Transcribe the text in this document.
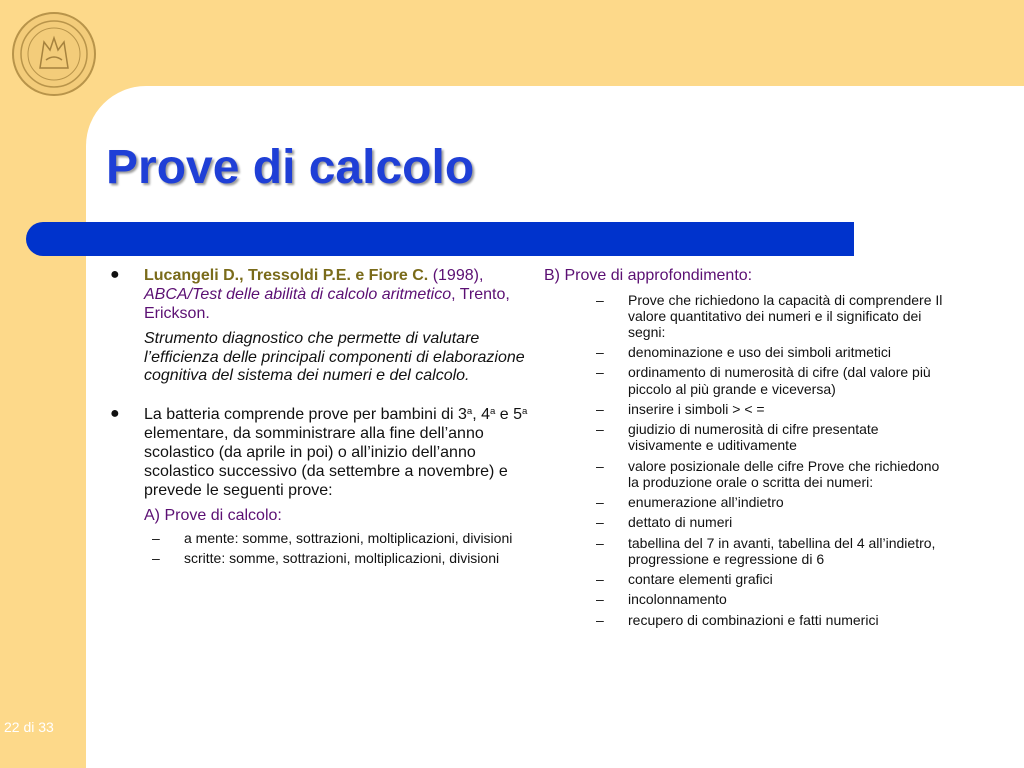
Prove di calcolo
● Lucangeli D., Tressoldi P.E. e Fiore C. (1998), ABCA/Test delle abilità di calcolo aritmetico, Trento, Erickson.
Strumento diagnostico che permette di valutare l’efficienza delle principali componenti di elaborazione cognitiva del sistema dei numeri e del calcolo.
● La batteria comprende prove per bambini di 3$^a$, 4$^a$ e 5$^a$ elementare, da somministrare alla fine dell’anno scolastico (da aprile in poi) o all’inizio dell’anno scolastico successivo (da settembre a novembre) e prevede le seguenti prove:
A) Prove di calcolo:
– a mente: somme, sottrazioni, moltiplicazioni, divisioni
– scritte: somme, sottrazioni, moltiplicazioni, divisioni
B) Prove di approfondimento:
– Prove che richiedono la capacità di comprendere Il valore quantitativo dei numeri e il significato dei segni:
– denominazione e uso dei simboli aritmetici
– ordinamento di numerosità di cifre (dal valore più piccolo al più grande e viceversa)
– inserire i simboli > < =
– giudizio di numerosità di cifre presentate visivamente e uditivamente
– valore posizionale delle cifre Prove che richiedono la produzione orale o scritta dei numeri:
– enumerazione all’indietro
– dettato di numeri
– tabellina del 7 in avanti, tabellina del 4 all’indietro, progressione e regressione di 6
– contare elementi grafici
– incolonnamento
– recupero di combinazioni e fatti numerici
22 di 33
